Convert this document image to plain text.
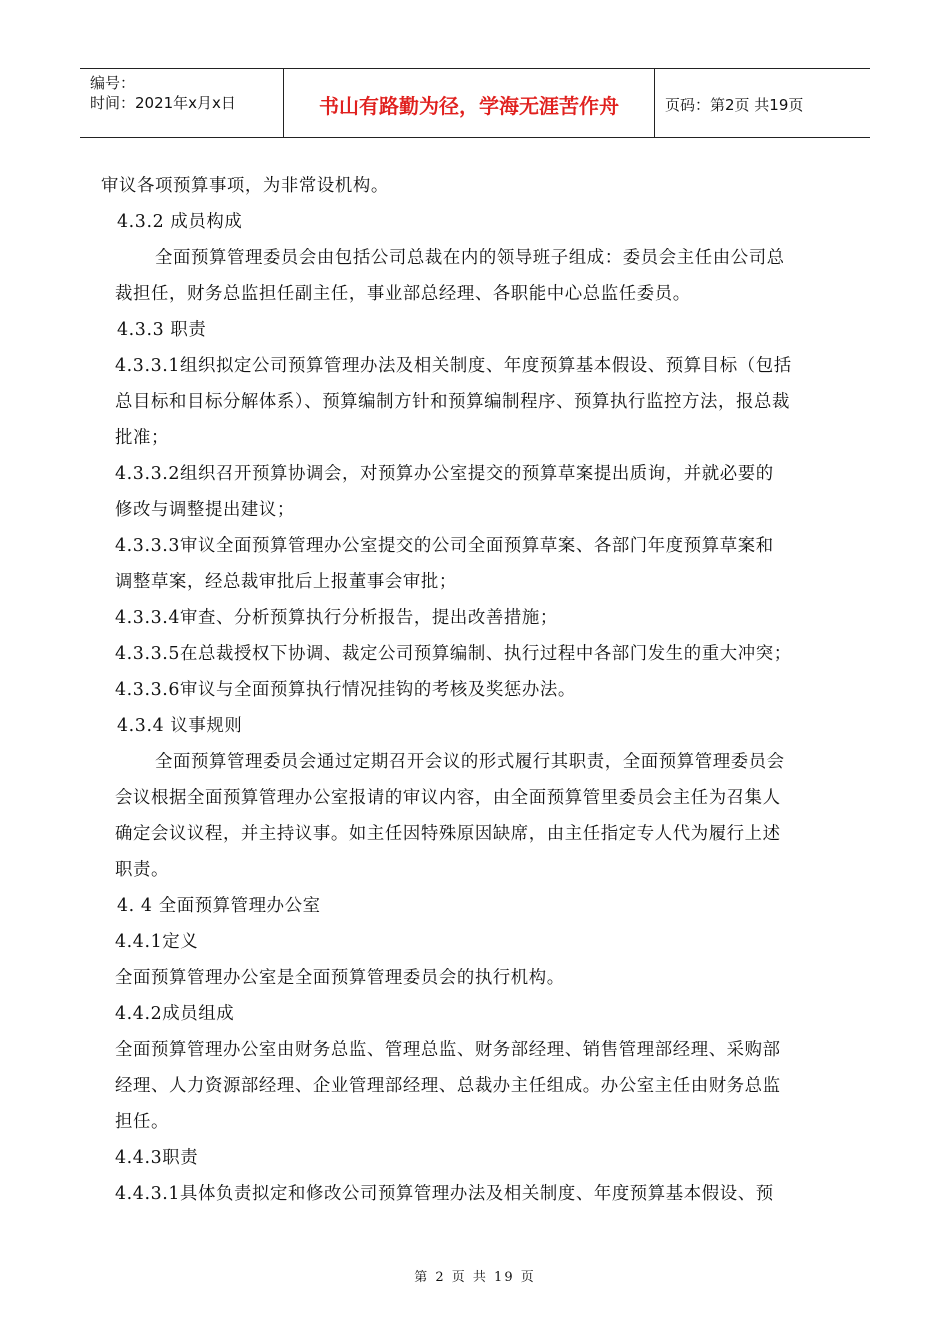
编号：
时间：2021年x月x日	书山有路勤为径，学海无涯苦作舟	页码：第2页 共19页
审议各项预算事项，为非常设机构。
4.3.2 成员构成
全面预算管理委员会由包括公司总裁在内的领导班子组成：委员会主任由公司总
裁担任，财务总监担任副主任，事业部总经理、各职能中心总监任委员。
4.3.3 职责
4.3.3.1组织拟定公司预算管理办法及相关制度、年度预算基本假设、预算目标（包括
总目标和目标分解体系）、预算编制方针和预算编制程序、预算执行监控方法，报总裁
批准；
4.3.3.2组织召开预算协调会，对预算办公室提交的预算草案提出质询，并就必要的
修改与调整提出建议；
4.3.3.3审议全面预算管理办公室提交的公司全面预算草案、各部门年度预算草案和
调整草案，经总裁审批后上报董事会审批；
4.3.3.4审查、分析预算执行分析报告，提出改善措施；
4.3.3.5在总裁授权下协调、裁定公司预算编制、执行过程中各部门发生的重大冲突；
4.3.3.6审议与全面预算执行情况挂钩的考核及奖惩办法。
4.3.4 议事规则
全面预算管理委员会通过定期召开会议的形式履行其职责，全面预算管理委员会
会议根据全面预算管理办公室报请的审议内容，由全面预算管里委员会主任为召集人
确定会议议程，并主持议事。如主任因特殊原因缺席，由主任指定专人代为履行上述
职责。
4. 4 全面预算管理办公室
4.4.1定义
全面预算管理办公室是全面预算管理委员会的执行机构。
4.4.2成员组成
全面预算管理办公室由财务总监、管理总监、财务部经理、销售管理部经理、采购部
经理、人力资源部经理、企业管理部经理、总裁办主任组成。办公室主任由财务总监
担任。
4.4.3职责
4.4.3.1具体负责拟定和修改公司预算管理办法及相关制度、年度预算基本假设、预
第 2 页 共 19 页
